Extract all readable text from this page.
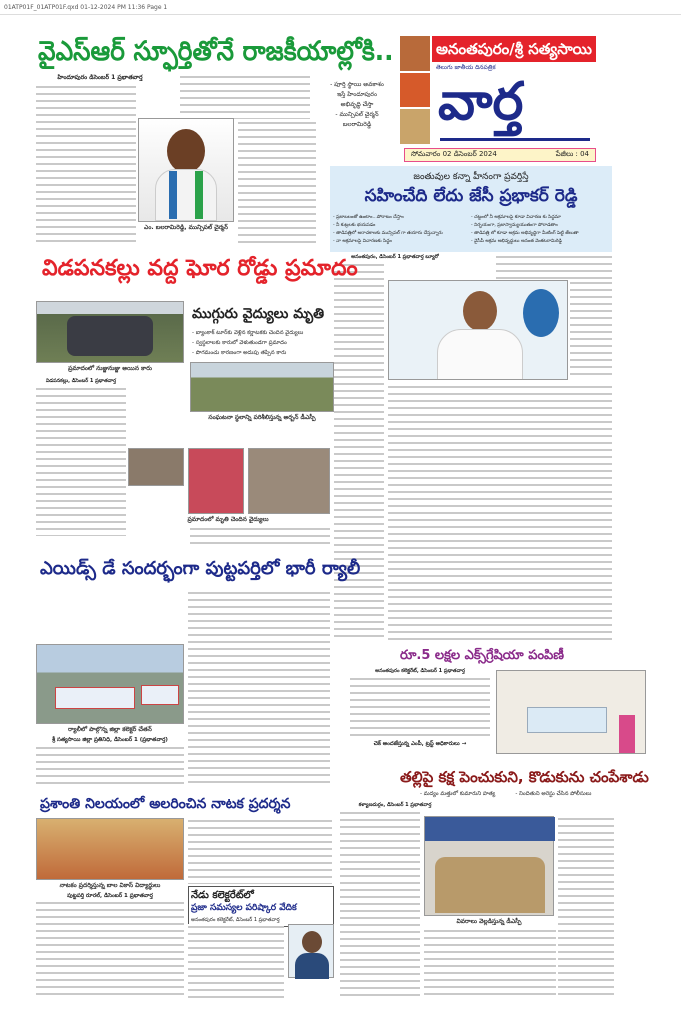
01ATP01F_01ATP01F.qxd 01-12-2024 PM 11:36 Page 1
వైఎస్ఆర్ స్ఫూర్తితోనే రాజకీయాల్లోకి..
హిందూపురం డిసెంబర్ 1 ప్రభాతవార్త
ఎం. బలరామిరెడ్డి, మున్సిపల్ చైర్మన్
- పూర్తి స్థాయి అవకాశం
ఇస్తే హిందూపురం
అభివృద్ధి చేస్తా
- మున్సిపల్ చైర్మన్
బలరామిరెడ్డి
అనంతపురం/శ్రీ సత్యసాయి
తెలుగు జాతీయ దినపత్రిక
వార్త
సోమవారం 02 డిసెంబర్ 2024	పేజీలు : 04
జంతువుల కన్నా హీనంగా ప్రవర్తిస్తే
సహించేది లేదు జేసీ ప్రభాకర్ రెడ్డి
- ప్రజాబలంతో ఉంటాం...పోరాటం చేస్తాం	- చట్టంలో నీ అక్రమాలపై కూడా విచారణ కు సిద్ధమా
- నీ కుట్రలకు భయపడం	- నిర్భయంగా, ప్రజాస్వామ్యయుతంగా పోరాడతాం
- తాడిపత్రిలో అరాచకాలకు మున్సిపల్ గా తయారు చేస్తున్నారు	- తాడిపత్రి లో కూడా అక్రమ అభివృద్ధిగా మీటింగ్ పెట్టి తేలుతా
- నా అక్రమాలపై విచారణకు సిద్ధం	- వైసీపీ అక్రమ అభివృద్ధులు అనంత వెంకటరామిరెడ్డి
అనంతపురం, డిసెంబర్ 1 ప్రభాతవార్త బ్యూరో
విడపనకల్లు వద్ద ఘోర రోడ్డు ప్రమాదం
ప్రమాదంలో నుజ్జునుజ్జు అయిన కారు
ముగ్గురు వైద్యులు మృతి
- బ్యాంకాక్ టూర్‌కు వెళ్లిన కర్ణాటకకు చెందిన వైద్యులు
- స్వస్థలాలకు కారులో వెళుతుండగా ప్రమాదం
- పొగమంచు కారణంగా అదుపు తప్పిన కారు
విడపనకల్లు, డిసెంబర్ 1 ప్రభాతవార్త
సంఘటనా స్థలాన్ని పరిశీలిస్తున్న అర్బన్ డీఎస్పీ
ప్రమాదంలో మృతి చెందిన వైద్యులు
ఎయిడ్స్ డే సందర్భంగా పుట్టపర్తిలో భారీ ర్యాలీ
ర్యాలీలో పాల్గొన్న జిల్లా కలెక్టర్ చేతన్
శ్రీ సత్యసాయి జిల్లా ప్రతినిధి, డిసెంబర్ 1 (ప్రభాతవార్త)
రూ.5 లక్షల ఎక్స్‌గ్రేషియా పంపిణీ
అనంతపురం కలెక్టరేట్, డిసెంబర్ 1 ప్రభాతవార్త
చెక్ అందజేస్తున్న ఎంపీ, ట్రస్ట్ అధికారులు →
తల్లిపై కక్ష పెంచుకుని, కొడుకును చంపేశాడు
- మద్యం మత్తులో కుమారుని హత్య	- నిందితుని అరెస్టు చేసిన పోలీసులు
కళ్యాణదుర్గం, డిసెంబర్ 1 ప్రభాతవార్త
వివరాలు వెల్లడిస్తున్న డీఎస్పీ
ప్రశాంతి నిలయంలో అలరించిన నాటక ప్రదర్శన
నాటకం ప్రదర్శిస్తున్న బాల వికాస్ విద్యార్థులు
పుట్టపర్తి రూరల్, డిసెంబర్ 1 ప్రభాతవార్త	నేడు కలెక్టరేట్‌లో
ప్రజా సమస్యల పరిష్కార వేదిక
అనంతపురం కలెక్టరేట్, డిసెంబర్ 1 ప్రభాతవార్త
